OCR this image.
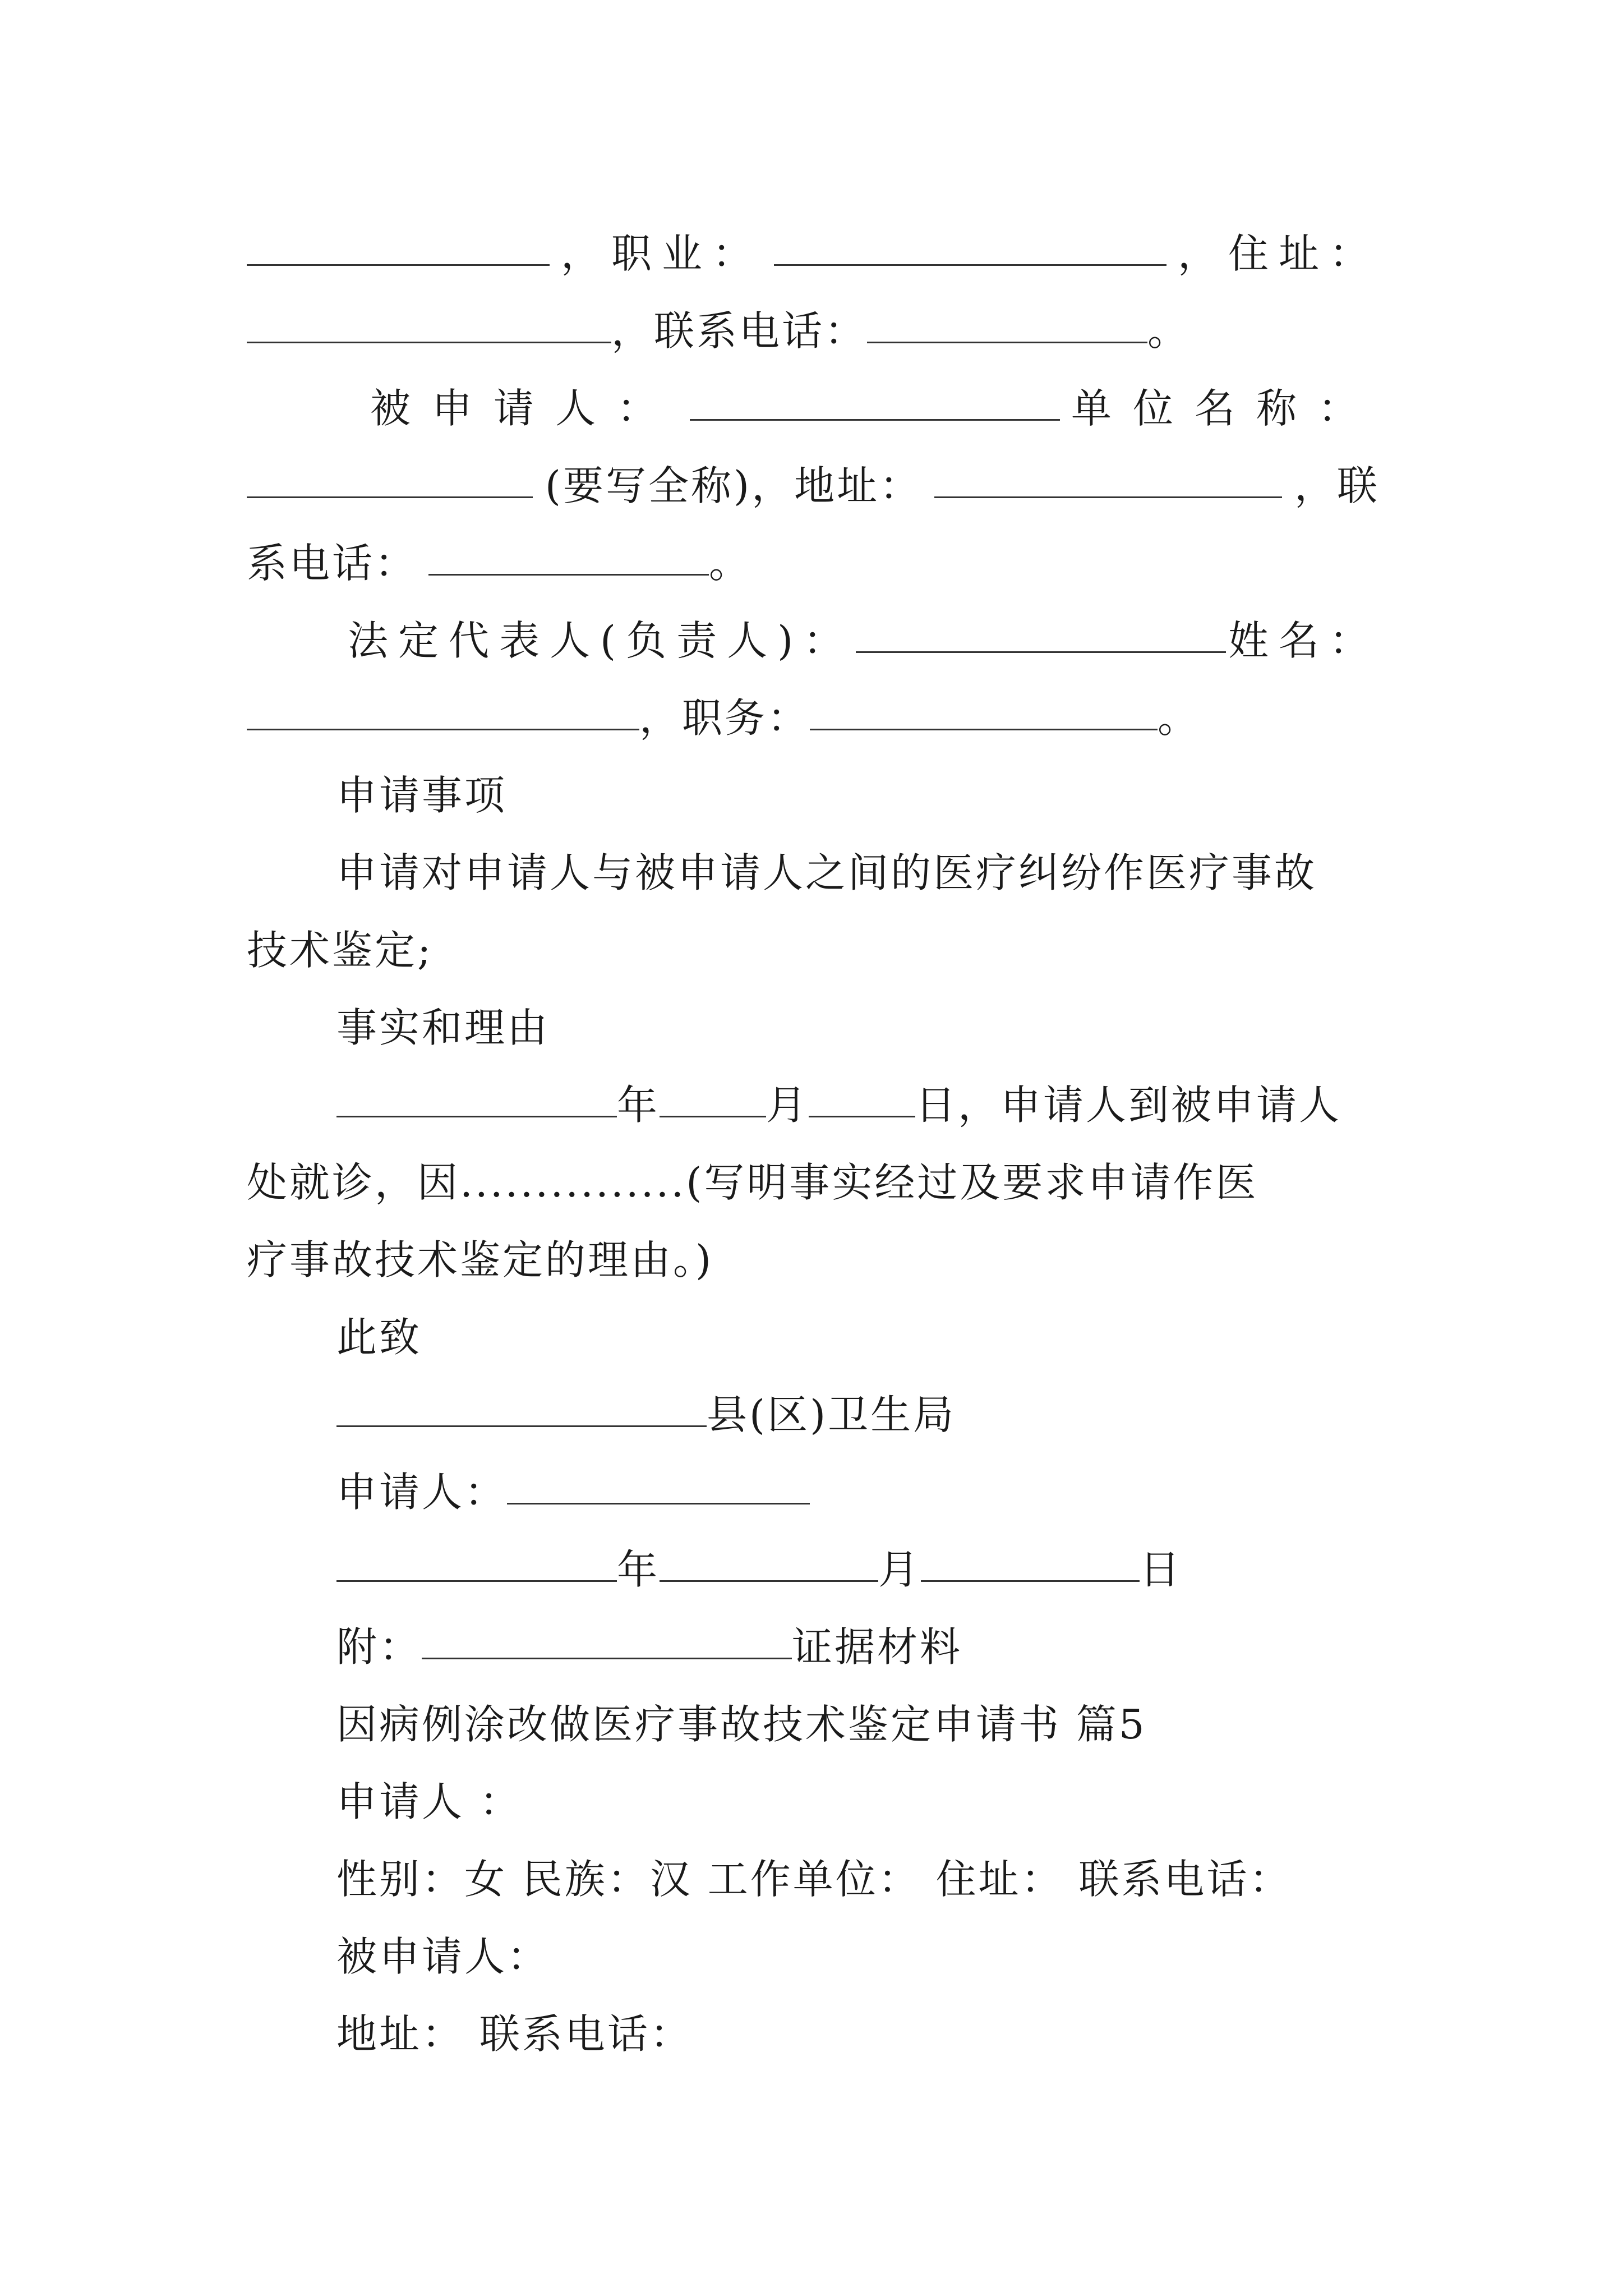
，职业：	，住址：
，联系电话：	。
被申请人：	单位名称：
(要写全称)，地址：	，联
系电话：	。
法定代表人(负责人)：	姓名：
，职务：	。
申请事项
申请对申请人与被申请人之间的医疗纠纷作医疗事故
技术鉴定;
事实和理由
年	月	日，申请人到被申请人
处就诊，因...............(写明事实经过及要求申请作医
疗事故技术鉴定的理由。)
此致
县(区)卫生局
申请人：
年	月	日
附：	证据材料
因病例涂改做医疗事故技术鉴定申请书 篇5
申请人 ：
性别：女 民族：汉 工作单位： 住址： 联系电话：
被申请人：
地址： 联系电话：
